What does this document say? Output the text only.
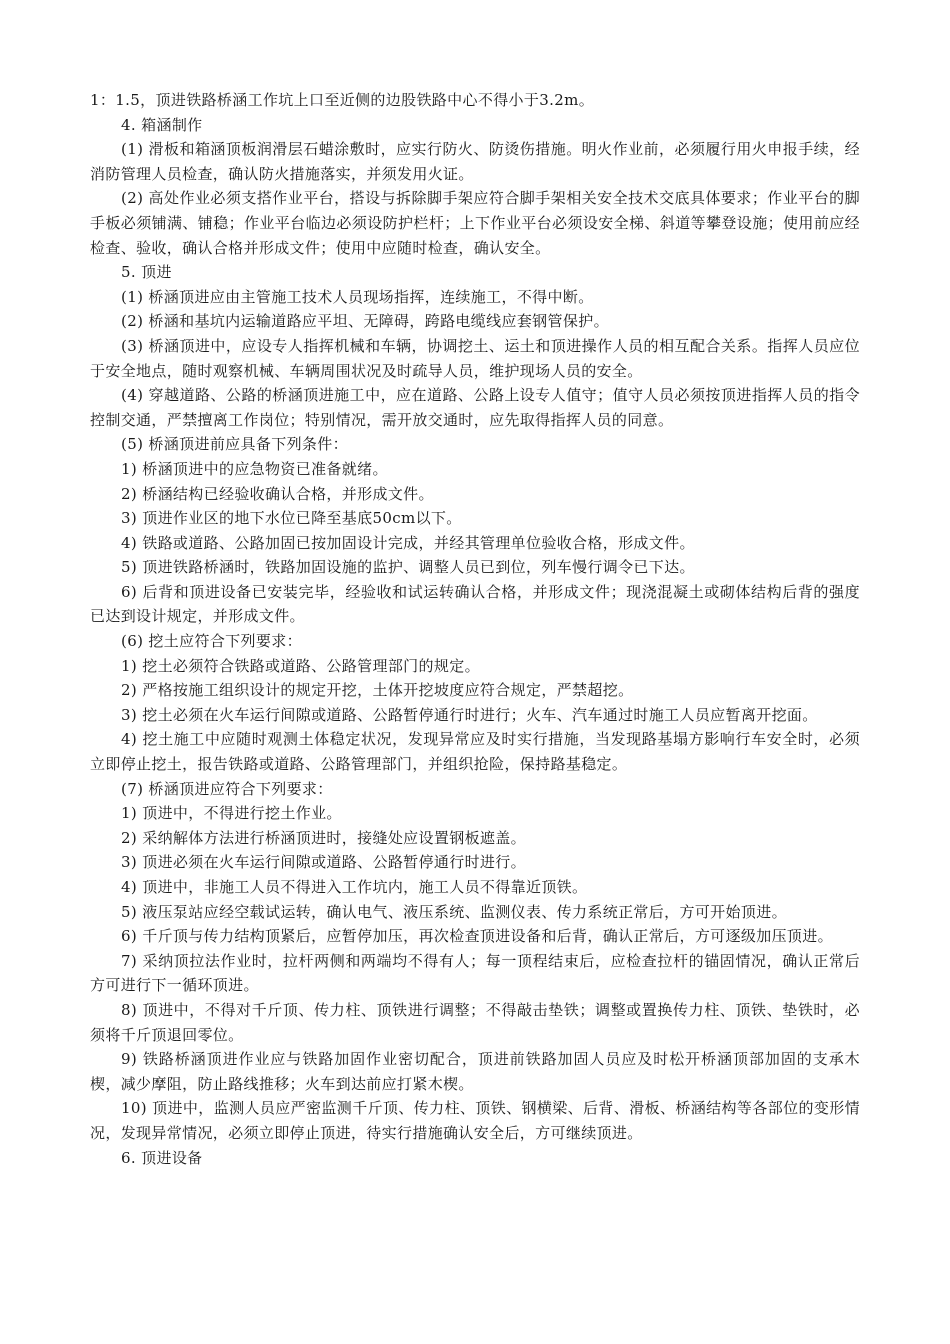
1：1.5，顶进铁路桥涵工作坑上口至近侧的边股铁路中心不得小于3.2m。

4. 箱涵制作

(1) 滑板和箱涵顶板润滑层石蜡涂敷时，应实行防火、防烫伤措施。明火作业前，必须履行用火申报手续，经消防管理人员检查，确认防火措施落实，并须发用火证。

(2) 高处作业必须支搭作业平台，搭设与拆除脚手架应符合脚手架相关安全技术交底具体要求；作业平台的脚手板必须铺满、铺稳；作业平台临边必须设防护栏杆；上下作业平台必须设安全梯、斜道等攀登设施；使用前应经检查、验收，确认合格并形成文件；使用中应随时检查，确认安全。

5. 顶进

(1) 桥涵顶进应由主管施工技术人员现场指挥，连续施工，不得中断。

(2) 桥涵和基坑内运输道路应平坦、无障碍，跨路电缆线应套钢管保护。

(3) 桥涵顶进中，应设专人指挥机械和车辆，协调挖土、运土和顶进操作人员的相互配合关系。指挥人员应位于安全地点，随时观察机械、车辆周围状况及时疏导人员，维护现场人员的安全。

(4) 穿越道路、公路的桥涵顶进施工中，应在道路、公路上设专人值守；值守人员必须按顶进指挥人员的指令控制交通，严禁擅离工作岗位；特别情况，需开放交通时，应先取得指挥人员的同意。

(5) 桥涵顶进前应具备下列条件：

1) 桥涵顶进中的应急物资已准备就绪。

2) 桥涵结构已经验收确认合格，并形成文件。

3) 顶进作业区的地下水位已降至基底50cm以下。

4) 铁路或道路、公路加固已按加固设计完成，并经其管理单位验收合格，形成文件。

5) 顶进铁路桥涵时，铁路加固设施的监护、调整人员已到位，列车慢行调令已下达。

6) 后背和顶进设备已安装完毕，经验收和试运转确认合格，并形成文件；现浇混凝土或砌体结构后背的强度已达到设计规定，并形成文件。

(6) 挖土应符合下列要求：

1) 挖土必须符合铁路或道路、公路管理部门的规定。

2) 严格按施工组织设计的规定开挖，土体开挖坡度应符合规定，严禁超挖。

3) 挖土必须在火车运行间隙或道路、公路暂停通行时进行；火车、汽车通过时施工人员应暂离开挖面。

4) 挖土施工中应随时观测土体稳定状况，发现异常应及时实行措施，当发现路基塌方影响行车安全时，必须立即停止挖土，报告铁路或道路、公路管理部门，并组织抢险，保持路基稳定。

(7) 桥涵顶进应符合下列要求：

1) 顶进中，不得进行挖土作业。

2) 采纳解体方法进行桥涵顶进时，接缝处应设置钢板遮盖。

3) 顶进必须在火车运行间隙或道路、公路暂停通行时进行。

4) 顶进中，非施工人员不得进入工作坑内，施工人员不得靠近顶铁。

5) 液压泵站应经空载试运转，确认电气、液压系统、监测仪表、传力系统正常后，方可开始顶进。

6) 千斤顶与传力结构顶紧后，应暂停加压，再次检查顶进设备和后背，确认正常后，方可逐级加压顶进。

7) 采纳顶拉法作业时，拉杆两侧和两端均不得有人；每一顶程结束后，应检查拉杆的锚固情况，确认正常后方可进行下一循环顶进。

8) 顶进中，不得对千斤顶、传力柱、顶铁进行调整；不得敲击垫铁；调整或置换传力柱、顶铁、垫铁时，必须将千斤顶退回零位。

9) 铁路桥涵顶进作业应与铁路加固作业密切配合，顶进前铁路加固人员应及时松开桥涵顶部加固的支承木楔，减少摩阻，防止路线推移；火车到达前应打紧木楔。

10) 顶进中，监测人员应严密监测千斤顶、传力柱、顶铁、钢横梁、后背、滑板、桥涵结构等各部位的变形情况，发现异常情况，必须立即停止顶进，待实行措施确认安全后，方可继续顶进。

6. 顶进设备
